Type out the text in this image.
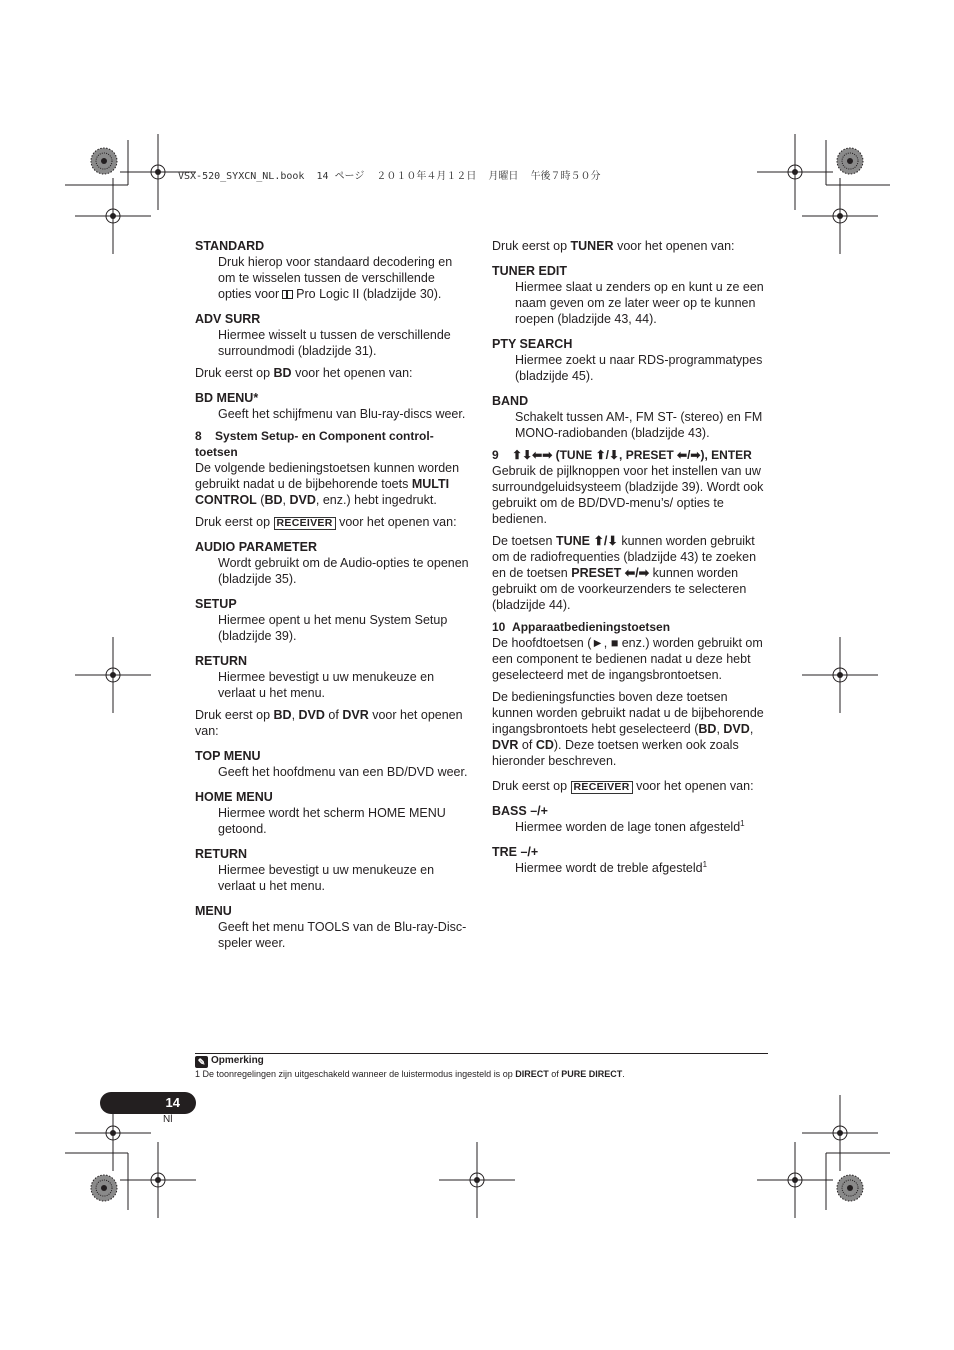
VSX-520_SYXCN_NL.book  14 ページ  ２０１０年４月１２日  月曜日  午後７時５０分

STANDARD

Druk hierop voor standaard decodering en om te wisselen tussen de verschillende opties voor Pro Logic II (bladzijde 30).

ADV SURR

Hiermee wisselt u tussen de verschillende surroundmodi (bladzijde 31).

Druk eerst op BD voor het openen van:

BD MENU*

Geeft het schijfmenu van Blu-ray-discs weer.

8 System Setup- en Component control-toetsen

De volgende bedieningstoetsen kunnen worden gebruikt nadat u de bijbehorende toets MULTI CONTROL (BD, DVD, enz.) hebt ingedrukt.

Druk eerst op RECEIVER voor het openen van:

AUDIO PARAMETER

Wordt gebruikt om de Audio-opties te openen (bladzijde 35).

SETUP

Hiermee opent u het menu System Setup (bladzijde 39).

RETURN

Hiermee bevestigt u uw menukeuze en verlaat u het menu.

Druk eerst op BD, DVD of DVR voor het openen van:

TOP MENU

Geeft het hoofdmenu van een BD/DVD weer.

HOME MENU

Hiermee wordt het scherm HOME MENU getoond.

RETURN

Hiermee bevestigt u uw menukeuze en verlaat u het menu.

MENU

Geeft het menu TOOLS van de Blu-ray-Disc-speler weer.

Druk eerst op TUNER voor het openen van:

TUNER EDIT

Hiermee slaat u zenders op en kunt u ze een naam geven om ze later weer op te kunnen roepen (bladzijde 43, 44).

PTY SEARCH

Hiermee zoekt u naar RDS-programmatypes (bladzijde 45).

BAND

Schakelt tussen AM-, FM ST- (stereo) en FM MONO-radiobanden (bladzijde 43).

9 ⬆⬇⬅➡ (TUNE ⬆/⬇, PRESET ⬅/➡), ENTER

Gebruik de pijlknoppen voor het instellen van uw surroundgeluidsysteem (bladzijde 39). Wordt ook gebruikt om de BD/DVD-menu’s/ opties te bedienen.

De toetsen TUNE ⬆/⬇ kunnen worden gebruikt om de radiofrequenties (bladzijde 43) te zoeken en de toetsen PRESET ⬅/➡ kunnen worden gebruikt om de voorkeurzenders te selecteren (bladzijde 44).

10 Apparaatbedieningstoetsen

De hoofdtoetsen (►, ■ enz.) worden gebruikt om een component te bedienen nadat u deze hebt geselecteerd met de ingangsbrontoetsen.

De bedieningsfuncties boven deze toetsen kunnen worden gebruikt nadat u de bijbehorende ingangsbrontoets hebt geselecteerd (BD, DVD, DVR of CD). Deze toetsen werken ook zoals hieronder beschreven.

Druk eerst op RECEIVER voor het openen van:

BASS –/+

Hiermee worden de lage tonen afgesteld$^1$

TRE –/+

Hiermee wordt de treble afgesteld$^1$

✎ Opmerking
1 De toonregelingen zijn uitgeschakeld wanneer de luistermodus ingesteld is op DIRECT of PURE DIRECT.
14
Nl
